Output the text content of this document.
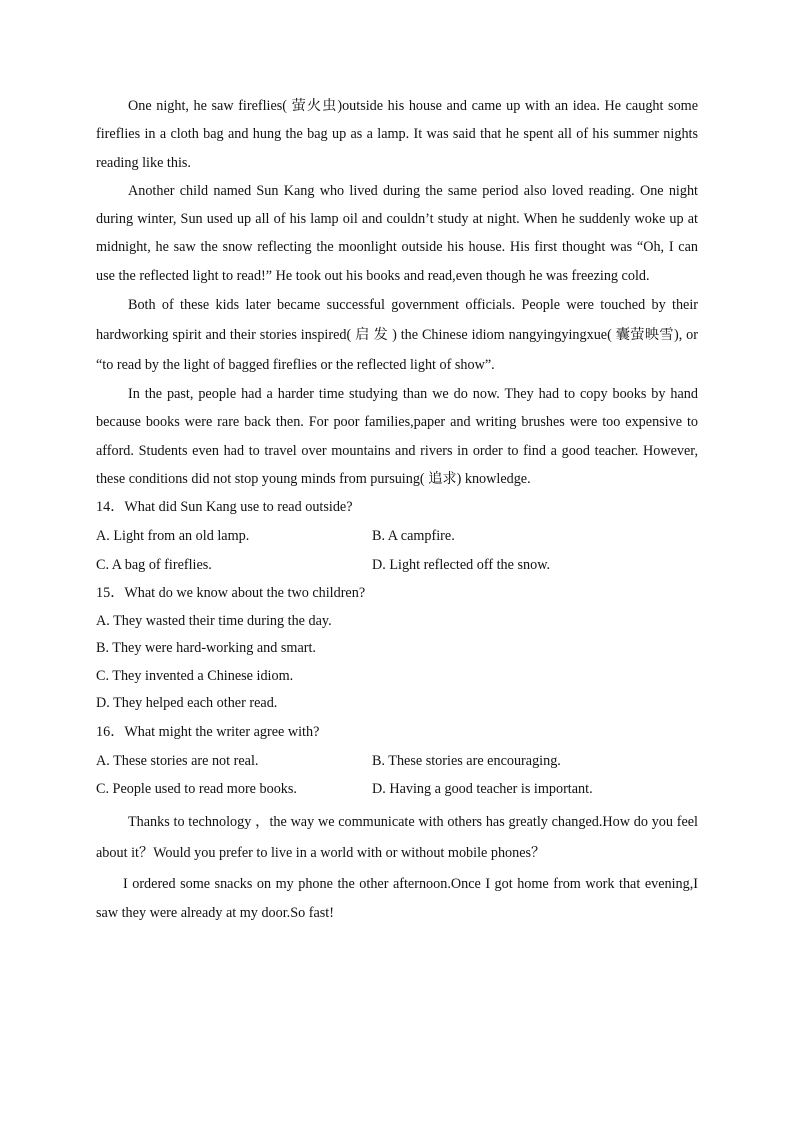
One night, he saw fireflies( 萤火虫)outside his house and came up with an idea. He caught some fireflies in a cloth bag and hung the bag up as a lamp. It was said that he spent all of his summer nights reading like this.

Another child named Sun Kang who lived during the same period also loved reading. One night during winter, Sun used up all of his lamp oil and couldn’t study at night. When he suddenly woke up at midnight, he saw the snow reflecting the moonlight outside his house. His first thought was “Oh, I can use the reflected light to read!” He took out his books and read,even though he was freezing cold.

Both of these kids later became successful government officials. People were touched by their hardworking spirit and their stories inspired( 启 发 ) the Chinese idiom nangyingyingxue( 囊萤映雪), or “to read by the light of bagged fireflies or the reflected light of show”.

In the past, people had a harder time studying than we do now. They had to copy books by hand because books were rare back then. For poor families,paper and writing brushes were too expensive to afford. Students even had to travel over mountains and rivers in order to find a good teacher. However, these conditions did not stop young minds from pursuing( 追求) knowledge.

14．What did Sun Kang use to read outside?

A. Light from an old lamp.	B. A campfire.
C. A bag of fireflies.	D. Light reflected off the snow.

15．What do we know about the two children?

A. They wasted their time during the day.
B. They were hard-working and smart.
C. They invented a Chinese idiom.
D. They helped each other read.

16．What might the writer agree with?

A. These stories are not real.	B. These stories are encouraging.
C. People used to read more books.	D. Having a good teacher is important.

Thanks to technology ，the way we communicate with others has greatly changed.How do you feel about it？Would you prefer to live in a world with or without mobile phones？

I ordered some snacks on my phone the other afternoon.Once I got home from work that evening,I saw they were already at my door.So fast!
